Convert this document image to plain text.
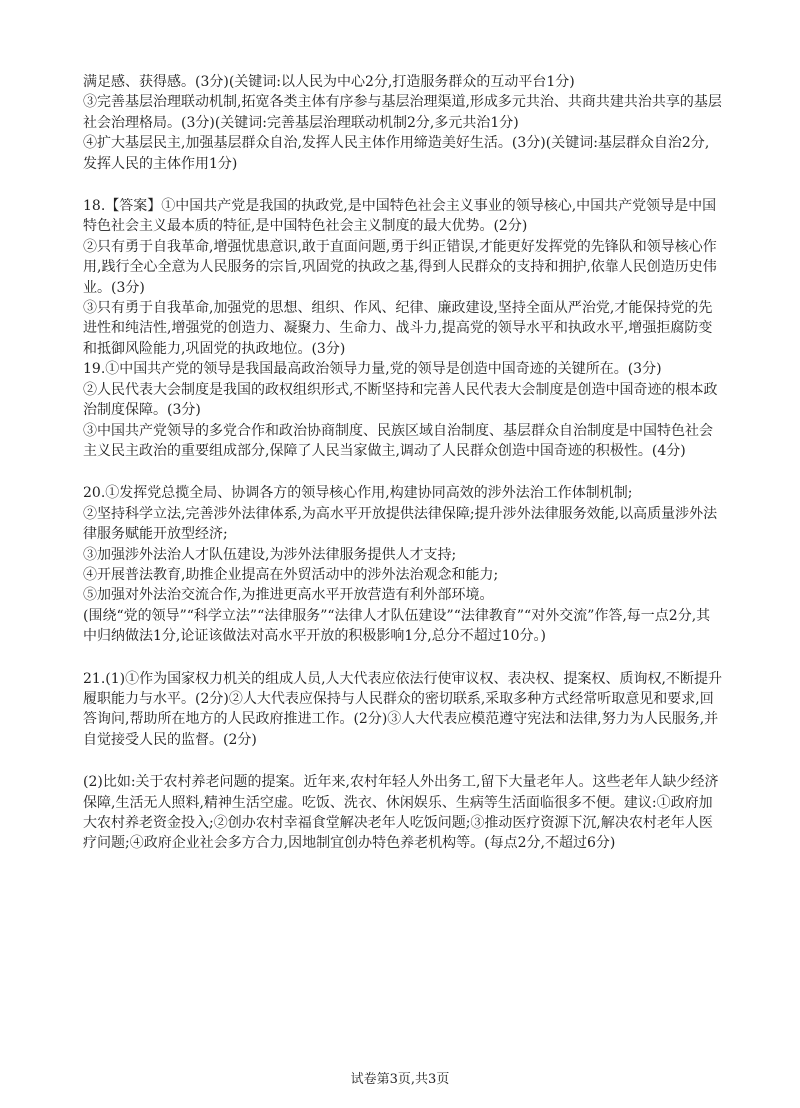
满足感、获得感。(3分)(关键词:以人民为中心2分,打造服务群众的互动平台1分)
③完善基层治理联动机制,拓宽各类主体有序参与基层治理渠道,形成多元共治、共商共建共治共享的基层社会治理格局。(3分)(关键词:完善基层治理联动机制2分,多元共治1分)
④扩大基层民主,加强基层群众自治,发挥人民主体作用缔造美好生活。(3分)(关键词:基层群众自治2分,发挥人民的主体作用1分)
18.【答案】①中国共产党是我国的执政党,是中国特色社会主义事业的领导核心,中国共产党领导是中国特色社会主义最本质的特征,是中国特色社会主义制度的最大优势。(2分)
②只有勇于自我革命,增强忧患意识,敢于直面问题,勇于纠正错误,才能更好发挥党的先锋队和领导核心作用,践行全心全意为人民服务的宗旨,巩固党的执政之基,得到人民群众的支持和拥护,依靠人民创造历史伟业。(3分)
③只有勇于自我革命,加强党的思想、组织、作风、纪律、廉政建设,坚持全面从严治党,才能保持党的先进性和纯洁性,增强党的创造力、凝聚力、生命力、战斗力,提高党的领导水平和执政水平,增强拒腐防变和抵御风险能力,巩固党的执政地位。(3分)
19.①中国共产党的领导是我国最高政治领导力量,党的领导是创造中国奇迹的关键所在。(3分)
②人民代表大会制度是我国的政权组织形式,不断坚持和完善人民代表大会制度是创造中国奇迹的根本政治制度保障。(3分)
③中国共产党领导的多党合作和政治协商制度、民族区域自治制度、基层群众自治制度是中国特色社会主义民主政治的重要组成部分,保障了人民当家做主,调动了人民群众创造中国奇迹的积极性。(4分)
20.①发挥党总揽全局、协调各方的领导核心作用,构建协同高效的涉外法治工作体制机制;
②坚持科学立法,完善涉外法律体系,为高水平开放提供法律保障;提升涉外法律服务效能,以高质量涉外法律服务赋能开放型经济;
③加强涉外法治人才队伍建设,为涉外法律服务提供人才支持;
④开展普法教育,助推企业提高在外贸活动中的涉外法治观念和能力;
⑤加强对外法治交流合作,为推进更高水平开放营造有利外部环境。
(围绕“党的领导”“科学立法”“法律服务”“法律人才队伍建设”“法律教育”“对外交流”作答,每一点2分,其中归纳做法1分,论证该做法对高水平开放的积极影响1分,总分不超过10分。)
21.(1)①作为国家权力机关的组成人员,人大代表应依法行使审议权、表决权、提案权、质询权,不断提升履职能力与水平。(2分)②人大代表应保持与人民群众的密切联系,采取多种方式经常听取意见和要求,回答询问,帮助所在地方的人民政府推进工作。(2分)③人大代表应模范遵守宪法和法律,努力为人民服务,并自觉接受人民的监督。(2分)
(2)比如:关于农村养老问题的提案。近年来,农村年轻人外出务工,留下大量老年人。这些老年人缺少经济保障,生活无人照料,精神生活空虚。吃饭、洗衣、休闲娱乐、生病等生活面临很多不便。建议:①政府加大农村养老资金投入;②创办农村幸福食堂解决老年人吃饭问题;③推动医疗资源下沉,解决农村老年人医疗问题;④政府企业社会多方合力,因地制宜创办特色养老机构等。(每点2分,不超过6分)
试卷第3页,共3页
